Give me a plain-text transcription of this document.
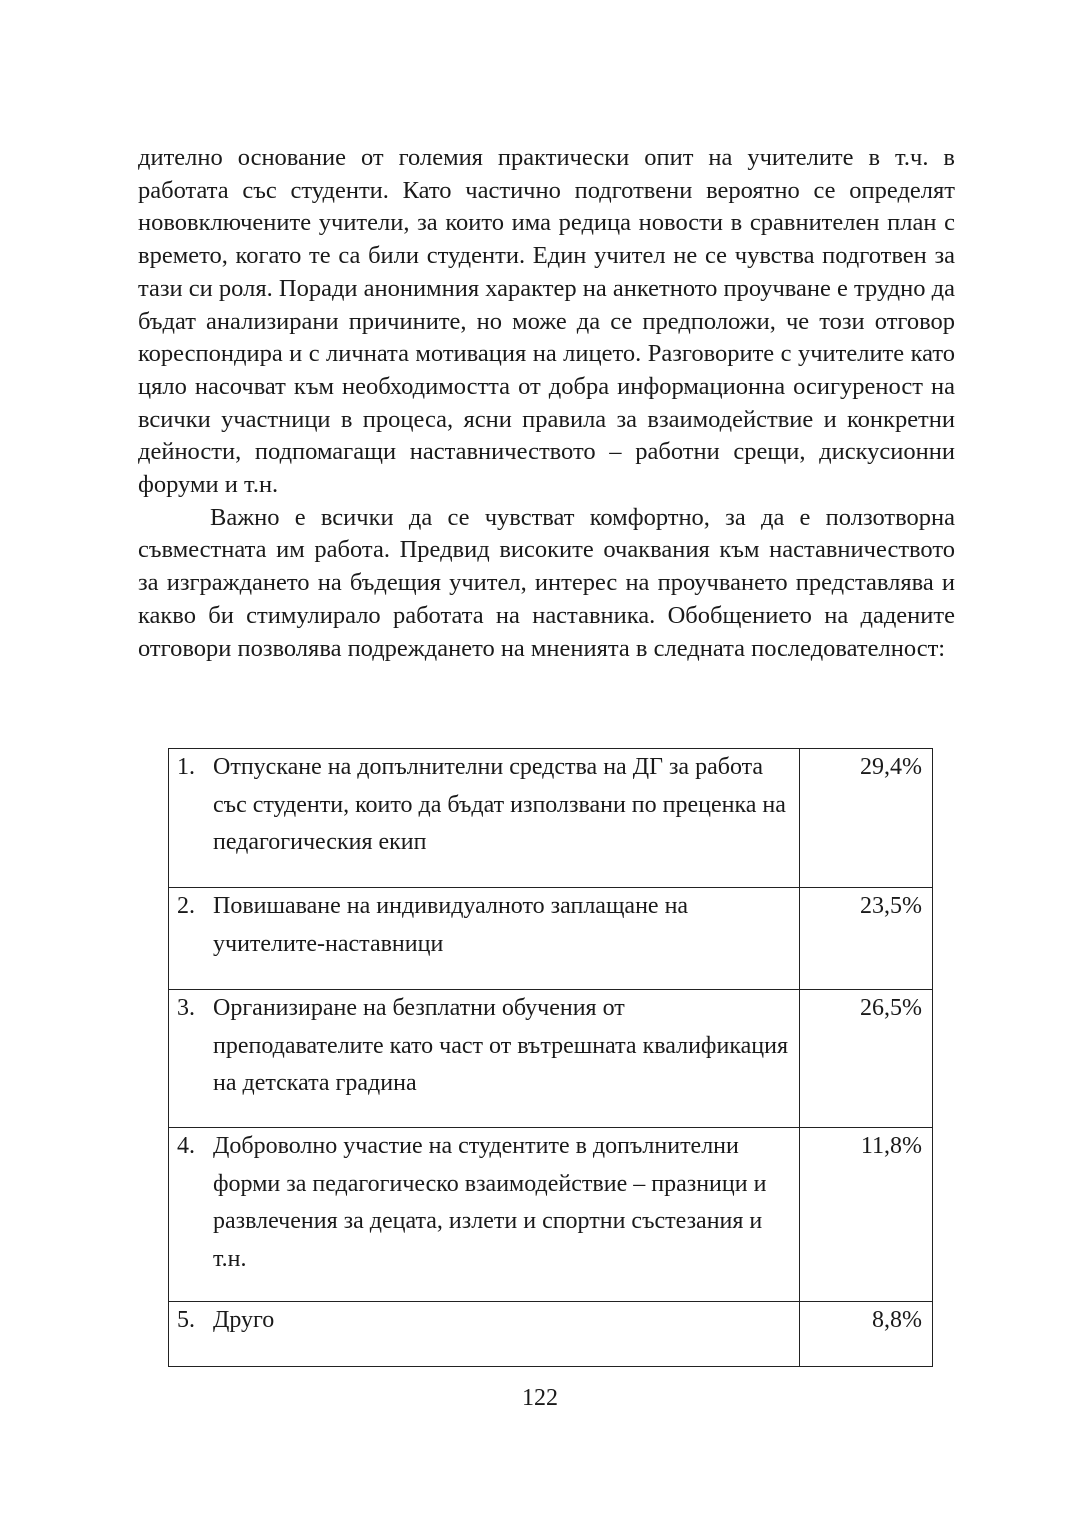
дително основание от големия практически опит на учителите в т.ч. в работата със студенти. Като частично подготвени вероятно се определят нововключените учители, за които има редица новости в сравнителен план с времето, когато те са били студенти. Един учител не се чувства подготвен за тази си роля. Поради анонимния характер на анкетното проучване е трудно да бъдат анализирани причините, но може да се предположи, че този отговор кореспондира и с личната мотивация на лицето. Разговорите с учителите като цяло насочват към необходимостта от добра информационна осигуреност на всички участници в процеса, ясни правила за взаимодействие и конкретни дейности, подпомагащи наставничеството – работни срещи, дискусионни форуми и т.н.

Важно е всички да се чувстват комфортно, за да е ползотворна съвместната им работа. Предвид високите очаквания към наставничеството за изграждането на бъдещия учител, интерес на проучването представлява и какво би стимулирало работата на наставника. Обобщението на дадените отговори позволява подреждането на мненията в следната последователност:

1. Отпускане на допълнителни средства на ДГ за работа със студенти, които да бъдат използвани по преценка на педагогическия екип	29,4%

2. Повишаване на индивидуалното заплащане на учителите-наставници	23,5%

3. Организиране на безплатни обучения от преподавателите като част от вътрешната квалификация на детската градина	26,5%

4. Доброволно участие на студентите в допълнителни форми за педагогическо взаимодействие – празници и развлечения за децата, излети и спортни състезания и т.н.	11,8%

5. Друго	8,8%
122
